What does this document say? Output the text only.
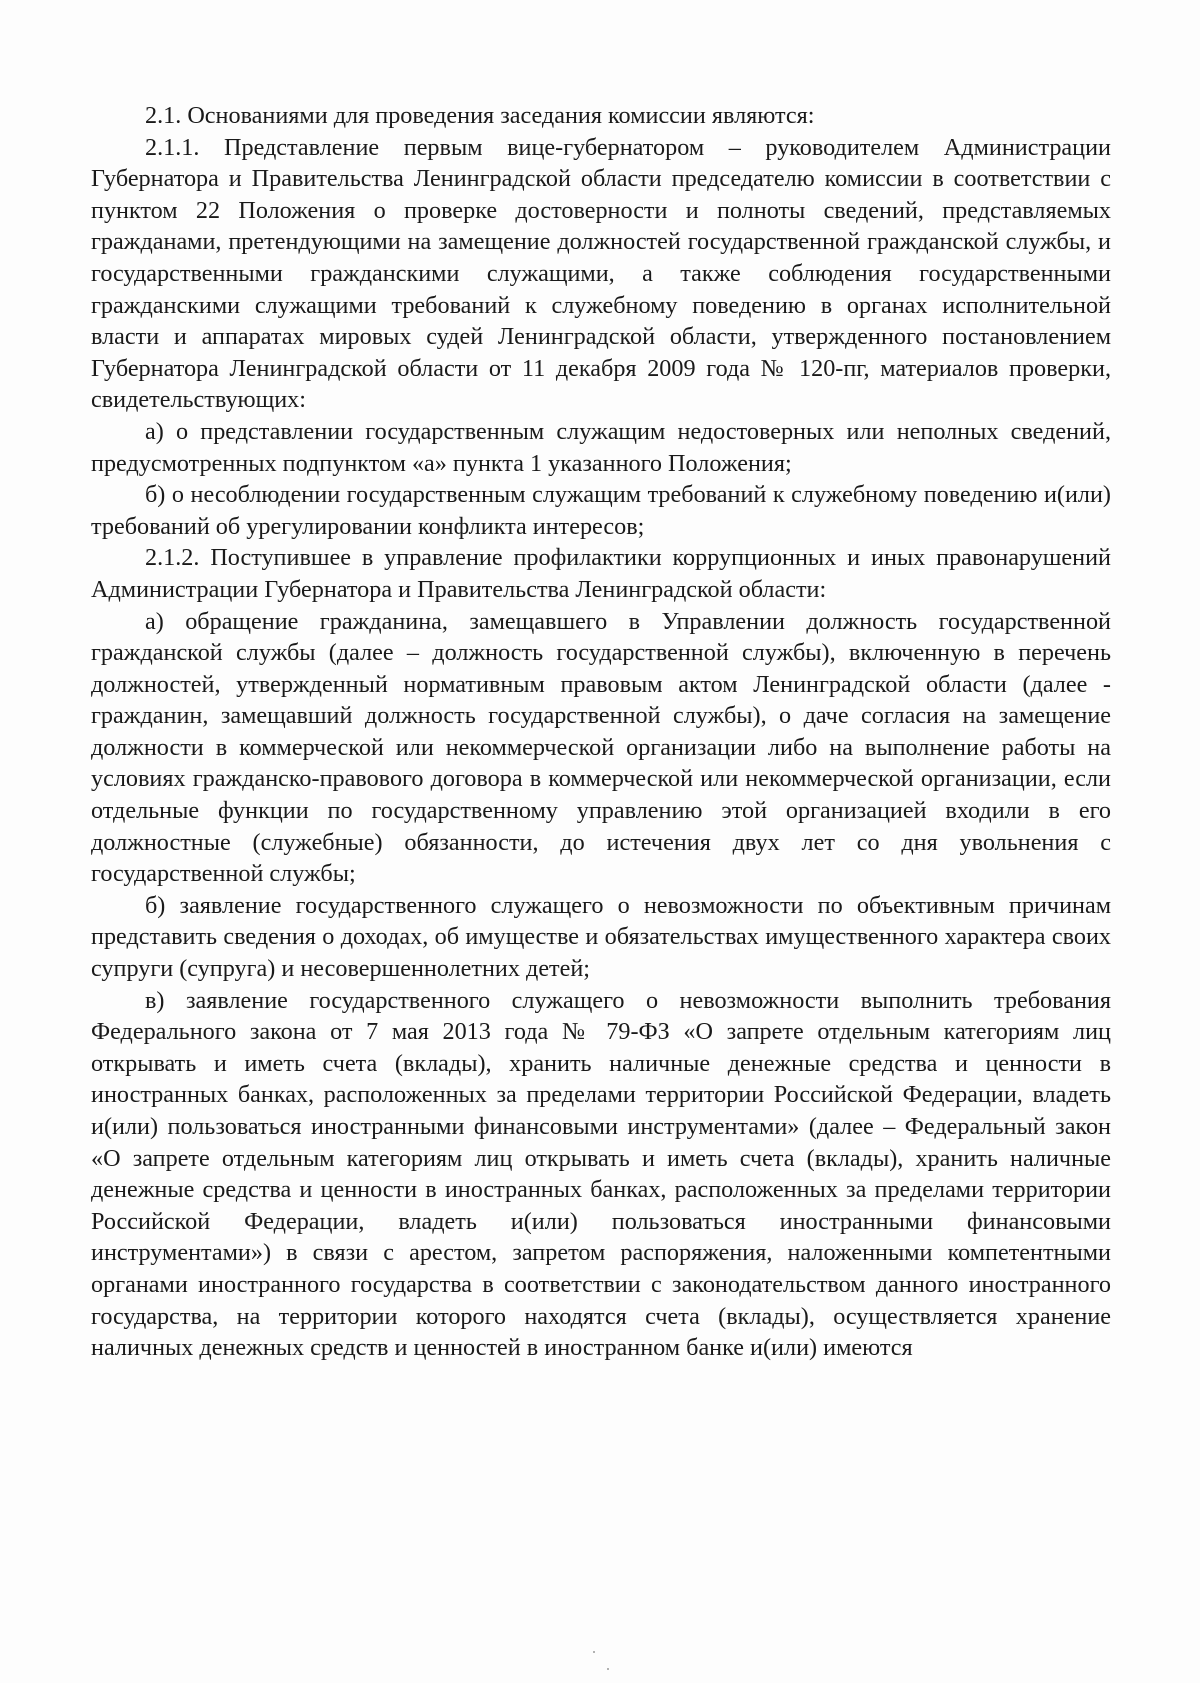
2.1. Основаниями для проведения заседания комиссии являются:

2.1.1. Представление первым вице-губернатором – руководителем Администрации Губернатора и Правительства Ленинградской области председателю комиссии в соответствии с пунктом 22 Положения о проверке достоверности и полноты сведений, представляемых гражданами, претендующими на замещение должностей государственной гражданской службы, и государственными гражданскими служащими, а также соблюдения государственными гражданскими служащими требований к служебному поведению в органах исполнительной власти и аппаратах мировых судей Ленинградской области, утвержденного постановлением Губернатора Ленинградской области от 11 декабря 2009 года № 120-пг, материалов проверки, свидетельствующих:

а) о представлении государственным служащим недостоверных или неполных сведений, предусмотренных подпунктом «а» пункта 1 указанного Положения;

б) о несоблюдении государственным служащим требований к служебному поведению и(или) требований об урегулировании конфликта интересов;

2.1.2. Поступившее в управление профилактики коррупционных и иных правонарушений Администрации Губернатора и Правительства Ленинградской области:

а) обращение гражданина, замещавшего в Управлении должность государственной гражданской службы (далее – должность государственной службы), включенную в перечень должностей, утвержденный нормативным правовым актом Ленинградской области (далее - гражданин, замещавший должность государственной службы), о даче согласия на замещение должности в коммерческой или некоммерческой организации либо на выполнение работы на условиях гражданско-правового договора в коммерческой или некоммерческой организации, если отдельные функции по государственному управлению этой организацией входили в его должностные (служебные) обязанности, до истечения двух лет со дня увольнения с государственной службы;

б) заявление государственного служащего о невозможности по объективным причинам представить сведения о доходах, об имуществе и обязательствах имущественного характера своих супруги (супруга) и несовершеннолетних детей;

в) заявление государственного служащего о невозможности выполнить требования Федерального закона от 7 мая 2013 года № 79-ФЗ «О запрете отдельным категориям лиц открывать и иметь счета (вклады), хранить наличные денежные средства и ценности в иностранных банках, расположенных за пределами территории Российской Федерации, владеть и(или) пользоваться иностранными финансовыми инструментами» (далее – Федеральный закон «О запрете отдельным категориям лиц открывать и иметь счета (вклады), хранить наличные денежные средства и ценности в иностранных банках, расположенных за пределами территории Российской Федерации, владеть и(или) пользоваться иностранными финансовыми инструментами») в связи с арестом, запретом распоряжения, наложенными компетентными органами иностранного государства в соответствии с законодательством данного иностранного государства, на территории которого находятся счета (вклады), осуществляется хранение наличных денежных средств и ценностей в иностранном банке и(или) имеются
